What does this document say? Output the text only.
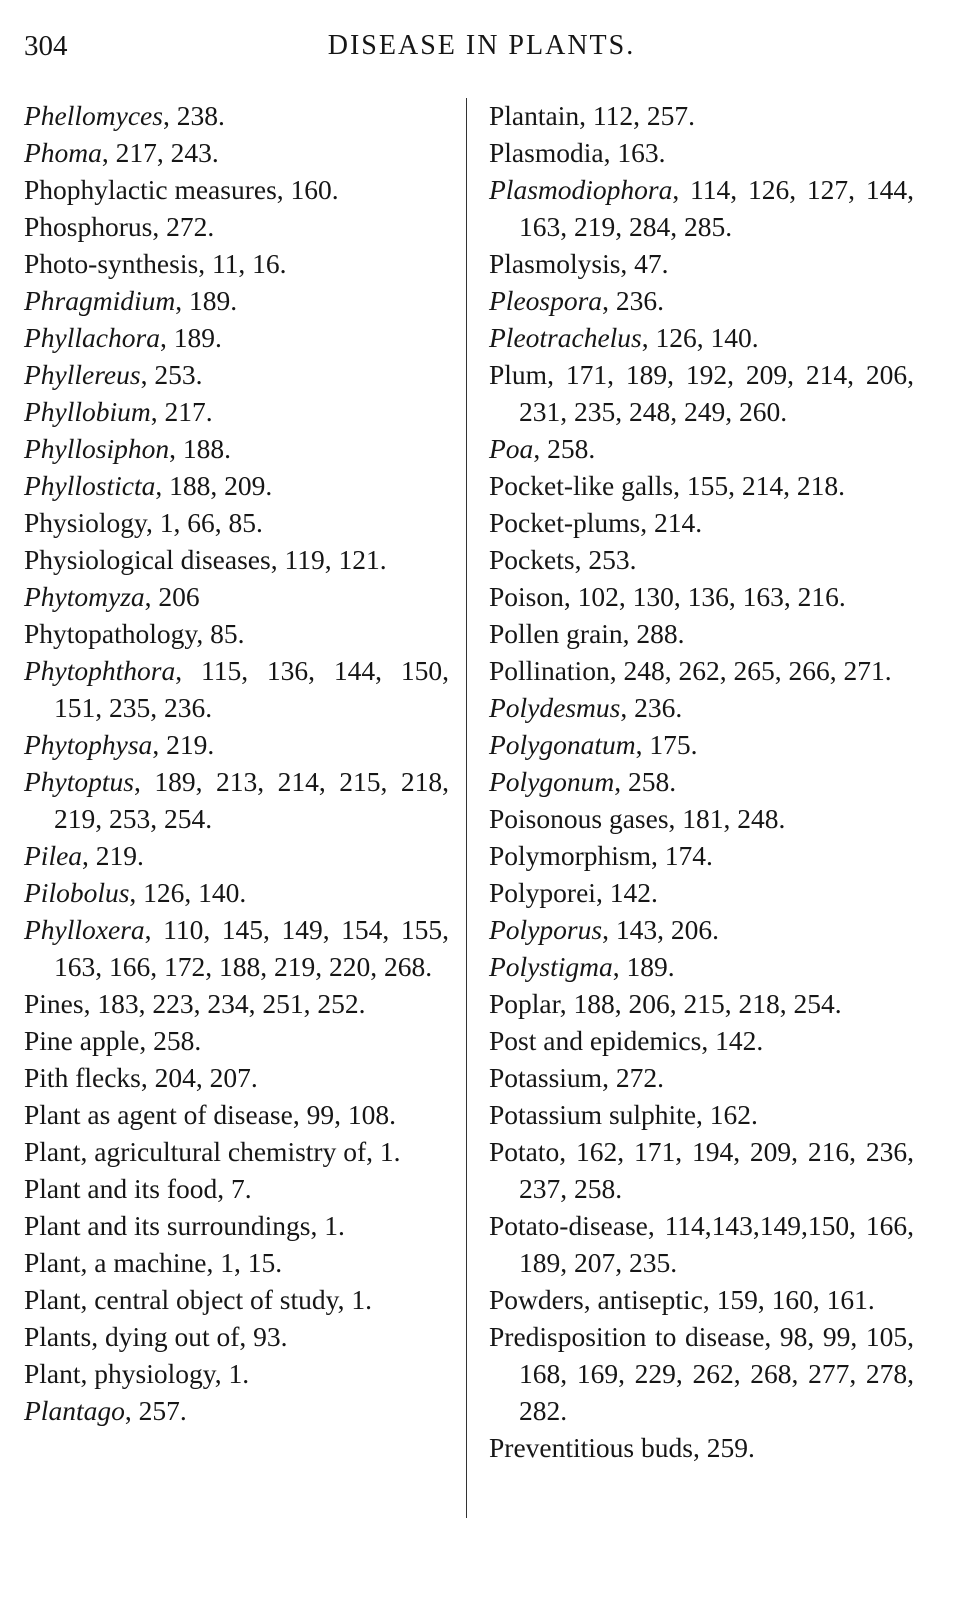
304	DISEASE IN PLANTS.
Phellomyces, 238.
Phoma, 217, 243.
Phophylactic measures, 160.
Phosphorus, 272.
Photo-synthesis, 11, 16.
Phragmidium, 189.
Phyllachora, 189.
Phyllereus, 253.
Phyllobium, 217.
Phyllosiphon, 188.
Phyllosticta, 188, 209.
Physiology, 1, 66, 85.
Physiological diseases, 119, 121.
Phytomyza, 206
Phytopathology, 85.
Phytophthora, 115, 136, 144, 150, 151, 235, 236.
Phytophysa, 219.
Phytoptus, 189, 213, 214, 215, 218, 219, 253, 254.
Pilea, 219.
Pilobolus, 126, 140.
Phylloxera, 110, 145, 149, 154, 155, 163, 166, 172, 188, 219, 220, 268.
Pines, 183, 223, 234, 251, 252.
Pine apple, 258.
Pith flecks, 204, 207.
Plant as agent of disease, 99, 108.
Plant, agricultural chemistry of, 1.
Plant and its food, 7.
Plant and its surroundings, 1.
Plant, a machine, 1, 15.
Plant, central object of study, 1.
Plants, dying out of, 93.
Plant, physiology, 1.
Plantago, 257.
Plantain, 112, 257.
Plasmodia, 163.
Plasmodiophora, 114, 126, 127, 144, 163, 219, 284, 285.
Plasmolysis, 47.
Pleospora, 236.
Pleotrachelus, 126, 140.
Plum, 171, 189, 192, 209, 214, 206, 231, 235, 248, 249, 260.
Poa, 258.
Pocket-like galls, 155, 214, 218.
Pocket-plums, 214.
Pockets, 253.
Poison, 102, 130, 136, 163, 216.
Pollen grain, 288.
Pollination, 248, 262, 265, 266, 271.
Polydesmus, 236.
Polygonatum, 175.
Polygonum, 258.
Poisonous gases, 181, 248.
Polymorphism, 174.
Polyporei, 142.
Polyporus, 143, 206.
Polystigma, 189.
Poplar, 188, 206, 215, 218, 254.
Post and epidemics, 142.
Potassium, 272.
Potassium sulphite, 162.
Potato, 162, 171, 194, 209, 216, 236, 237, 258.
Potato-disease, 114,143,149,150, 166, 189, 207, 235.
Powders, antiseptic, 159, 160, 161.
Predisposition to disease, 98, 99, 105, 168, 169, 229, 262, 268, 277, 278, 282.
Preventitious buds, 259.
